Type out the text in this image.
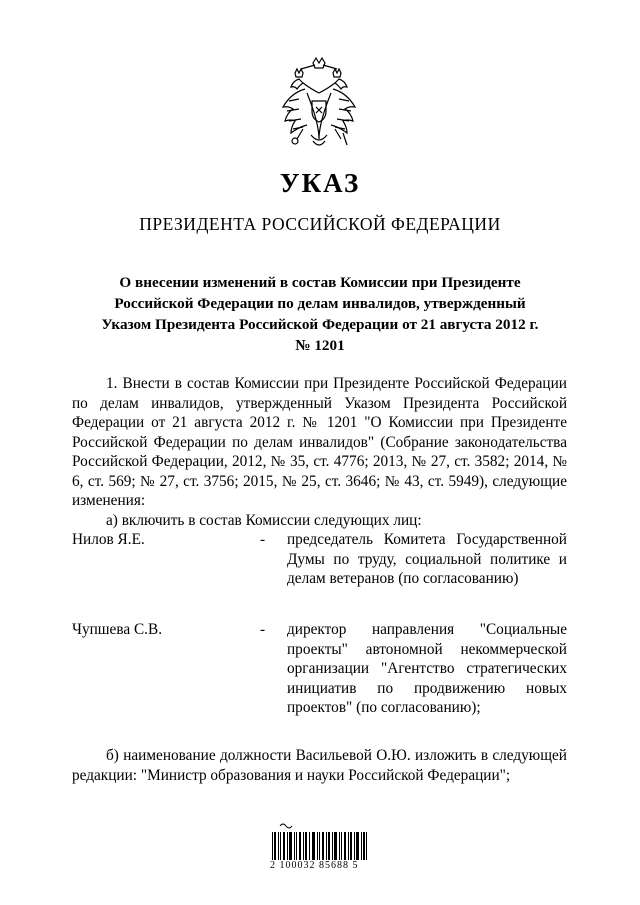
УКАЗ
ПРЕЗИДЕНТА РОССИЙСКОЙ ФЕДЕРАЦИИ
О внесении изменений в состав Комиссии при Президенте Российской Федерации по делам инвалидов, утвержденный Указом Президента Российской Федерации от 21 августа 2012 г. № 1201
1. Внести в состав Комиссии при Президенте Российской Федерации по делам инвалидов, утвержденный Указом Президента Российской Федерации от 21 августа 2012 г. № 1201 "О Комиссии при Президенте Российской Федерации по делам инвалидов" (Собрание законодательства Российской Федерации, 2012, № 35, ст. 4776; 2013, № 27, ст. 3582; 2014, № 6, ст. 569; № 27, ст. 3756; 2015, № 25, ст. 3646; № 43, ст. 5949), следующие изменения:
а) включить в состав Комиссии следующих лиц:
Нилов Я.Е.	- председатель Комитета Государственной Думы по труду, социальной политике и делам ветеранов (по согласованию)
Чупшева С.В.	- директор направления "Социальные проекты" автономной некоммерческой организации "Агентство стратегических инициатив по продвижению новых проектов" (по согласованию);
б) наименование должности Васильевой О.Ю. изложить в следующей редакции: "Министр образования и науки Российской Федерации";
2 100032 85688 5
